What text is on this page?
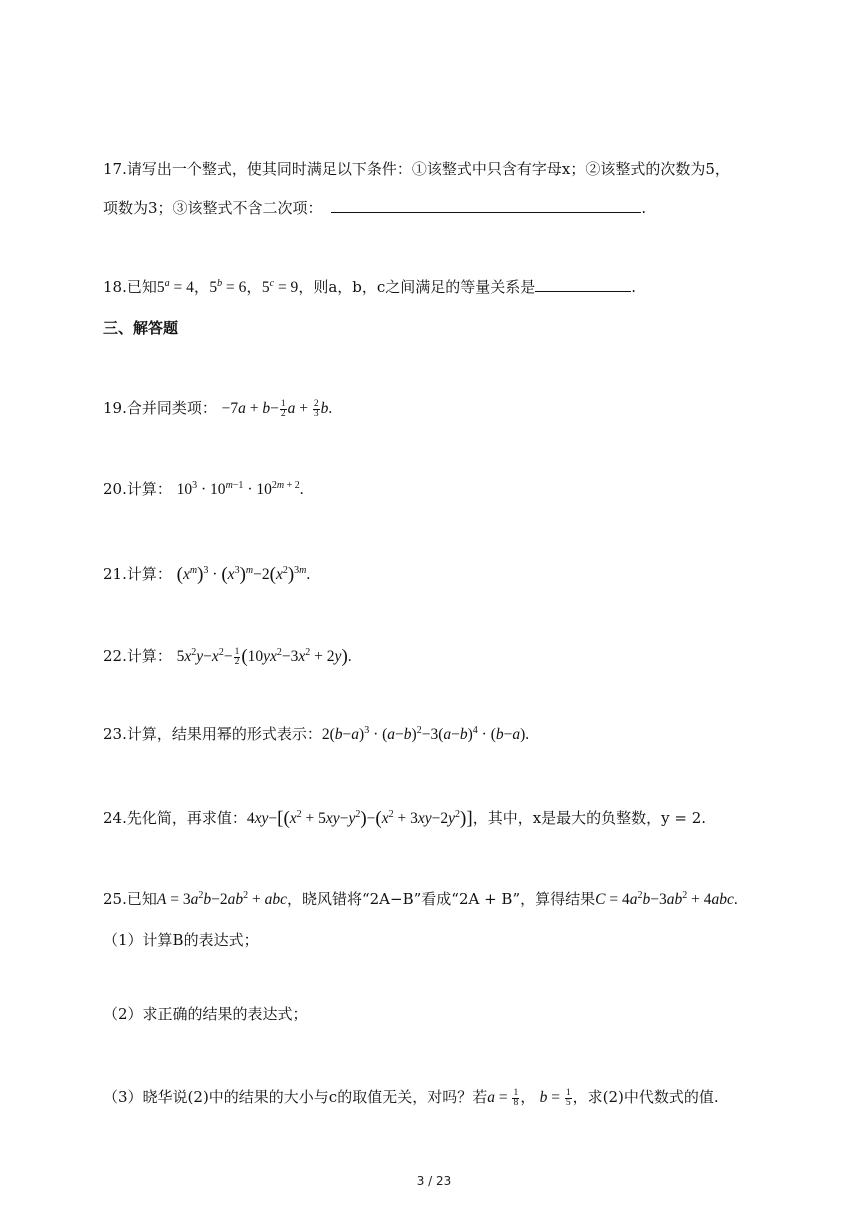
17.请写出一个整式，使其同时满足以下条件：①该整式中只含有字母x；②该整式的次数为5，
项数为3；③该整式不含二次项：	.
18.已知$5^a = 4$，$5^b = 6$，$5^c = 9$，则a，b，c之间满足的等量关系是	.
三、解答题
19.合并同类项： $-7a + b- \frac{1}{2}$ $a + \frac{2}{3} b$.
20.计算： $10^3 \cdot 10^{m-1} \cdot 10^{2m + 2}$.
21.计算： $(x^m)^3 \cdot (x^3)^m-2(x^2)^{3m}$.
22.计算： $5x^2y-x^2- \frac{1}{2} (10yx^2-3x^2 + 2y)$.
23.计算，结果用幂的形式表示：$2(b-a)^3 \cdot (a-b)^2-3(a-b)^4 \cdot (b-a)$.
24.先化简，再求值：$4xy-[(x^2 + 5xy-y^2)-(x^2 + 3xy-2y^2)]$，其中，x是最大的负整数，y = 2.
25.已知$A = 3a^2b-2ab^2$ + abc，晓风错将“2A−B”看成“2A + B”，算得结果$C = 4a^2b-3ab^2 + 4abc$.
（1）计算B的表达式；
（2）求正确的结果的表达式；
（3）晓华说(2)中的结果的大小与c的取值无关，对吗？若$a = \frac{1}{8}$ ， $b = \frac{1}{5}$ ，求(2)中代数式的值.
3 / 23
